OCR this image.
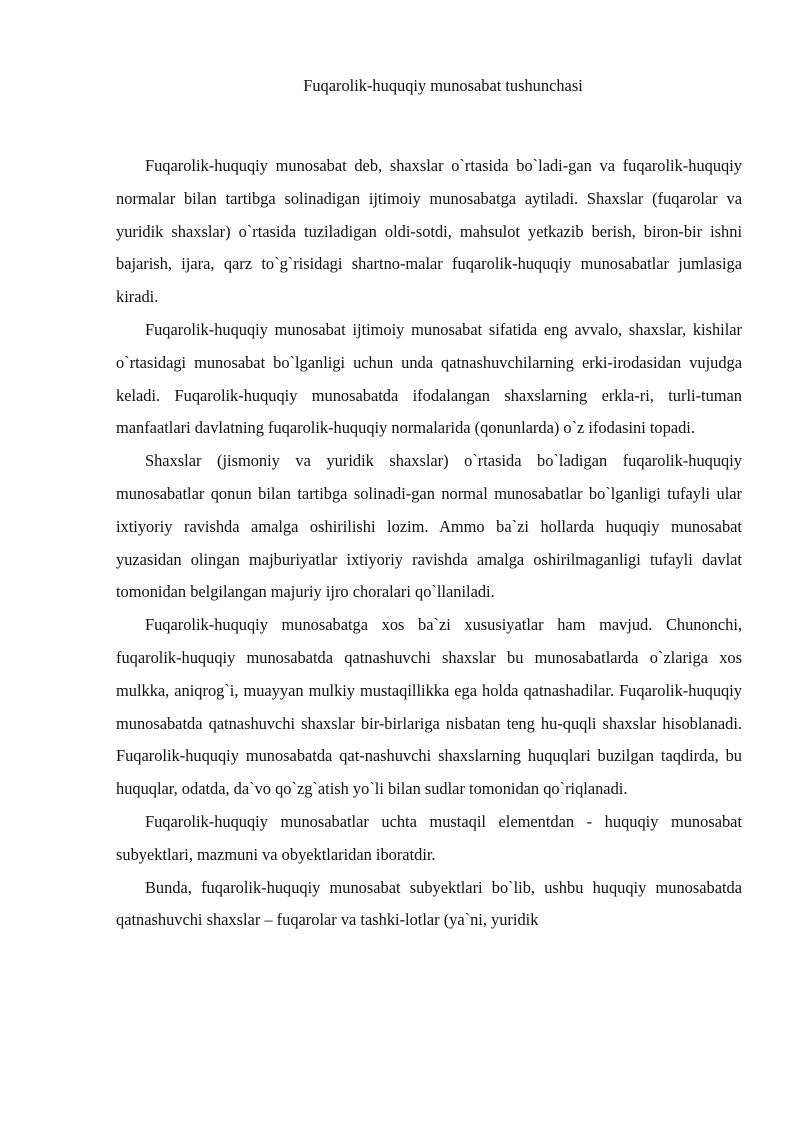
Fuqarolik-huquqiy munosabat tushunchasi

Fuqarolik-huquqiy munosabat deb, shaxslar o`rtasida bo`ladi-gan va fuqarolik-huquqiy normalar bilan tartibga solinadigan ijtimoiy munosabatga aytiladi. Shaxslar (fuqarolar va yuridik shaxslar) o`rtasida tuziladigan oldi-sotdi, mahsulot yetkazib berish, biron-bir ishni bajarish, ijara, qarz to`g`risidagi shartno-malar fuqarolik-huquqiy munosabatlar jumlasiga kiradi.

Fuqarolik-huquqiy munosabat ijtimoiy munosabat sifatida eng avvalo, shaxslar, kishilar o`rtasidagi munosabat bo`lganligi uchun unda qatnashuvchilarning erki-irodasidan vujudga keladi. Fuqarolik-huquqiy munosabatda ifodalangan shaxslarning erkla-ri, turli-tuman manfaatlari davlatning fuqarolik-huquqiy normalarida (qonunlarda) o`z ifodasini topadi.

Shaxslar (jismoniy va yuridik shaxslar) o`rtasida bo`ladigan fuqarolik-huquqiy munosabatlar qonun bilan tartibga solinadi-gan normal munosabatlar bo`lganligi tufayli ular ixtiyoriy ravishda amalga oshirilishi lozim. Ammo ba`zi hollarda huquqiy munosabat yuzasidan olingan majburiyatlar ixtiyoriy ravishda amalga oshirilmaganligi tufayli davlat tomonidan belgilangan majuriy ijro choralari qo`llaniladi.

Fuqarolik-huquqiy munosabatga xos ba`zi xususiyatlar ham mavjud. Chunonchi, fuqarolik-huquqiy munosabatda qatnashuvchi shaxslar bu munosabatlarda o`zlariga xos mulkka, aniqrog`i, muayyan mulkiy mustaqillikka ega holda qatnashadilar. Fuqarolik-huquqiy munosabatda qatnashuvchi shaxslar bir-birlariga nisbatan teng hu-quqli shaxslar hisoblanadi. Fuqarolik-huquqiy munosabatda qat-nashuvchi shaxslarning huquqlari buzilgan taqdirda, bu huquqlar, odatda, da`vo qo`zg`atish yo`li bilan sudlar tomonidan qo`riqlanadi.

Fuqarolik-huquqiy munosabatlar uchta mustaqil elementdan - huquqiy munosabat subyektlari, mazmuni va obyektlaridan iboratdir.

Bunda, fuqarolik-huquqiy munosabat subyektlari bo`lib, ushbu huquqiy munosabatda qatnashuvchi shaxslar – fuqarolar va tashki-lotlar (ya`ni, yuridik
